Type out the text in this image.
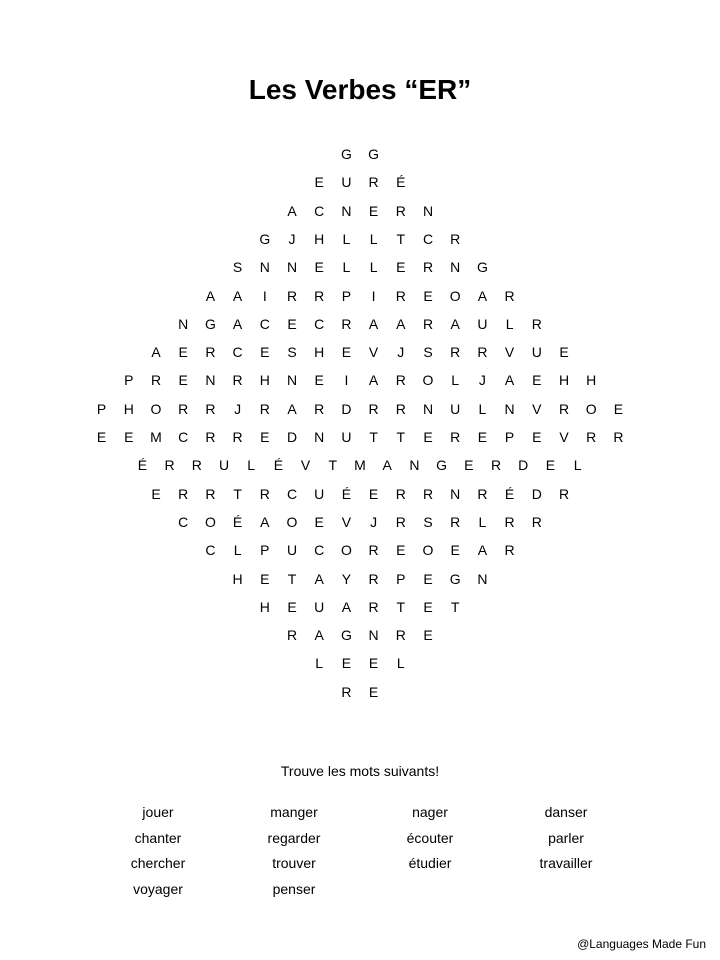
Les Verbes “ER”
G	G
E	U	R	É
A	C	N	E	R	N
G	J	H	L	L	T	C	R
S	N	N	E	L	L	E	R	N	G
A	A	I	R	R	P	I	R	E	O	A	R
N	G	A	C	E	C	R	A	A	R	A	U	L	R
A	E	R	C	E	S	H	E	V	J	S	R	R	V	U	E
P	R	E	N	R	H	N	E	I	A	R	O	L	J	A	E	H	H
P	H	O	R	R	J	R	A	R	D	R	R	N	U	L	N	V	R	O	E
E	E	M	C	R	R	E	D	N	U	T	T	E	R	E	P	E	V	R	R
É	R	R	U	L	É	V	T	M	A	N	G	E	R	D	E	L
E	R	R	T	R	C	U	É	E	R	R	N	R	É	D	R
C	O	É	A	O	E	V	J	R	S	R	L	R	R
C	L	P	U	C	O	R	E	O	E	A	R
H	E	T	A	Y	R	P	E	G	N
H	E	U	A	R	T	E	T
R	A	G	N	R	E
L	E	E	L
R	E
Trouve les mots suivants!
jouer	manger	nager	danser
chanter	regarder	écouter	parler
chercher	trouver	étudier	travailler
voyager	penser
@Languages Made Fun
